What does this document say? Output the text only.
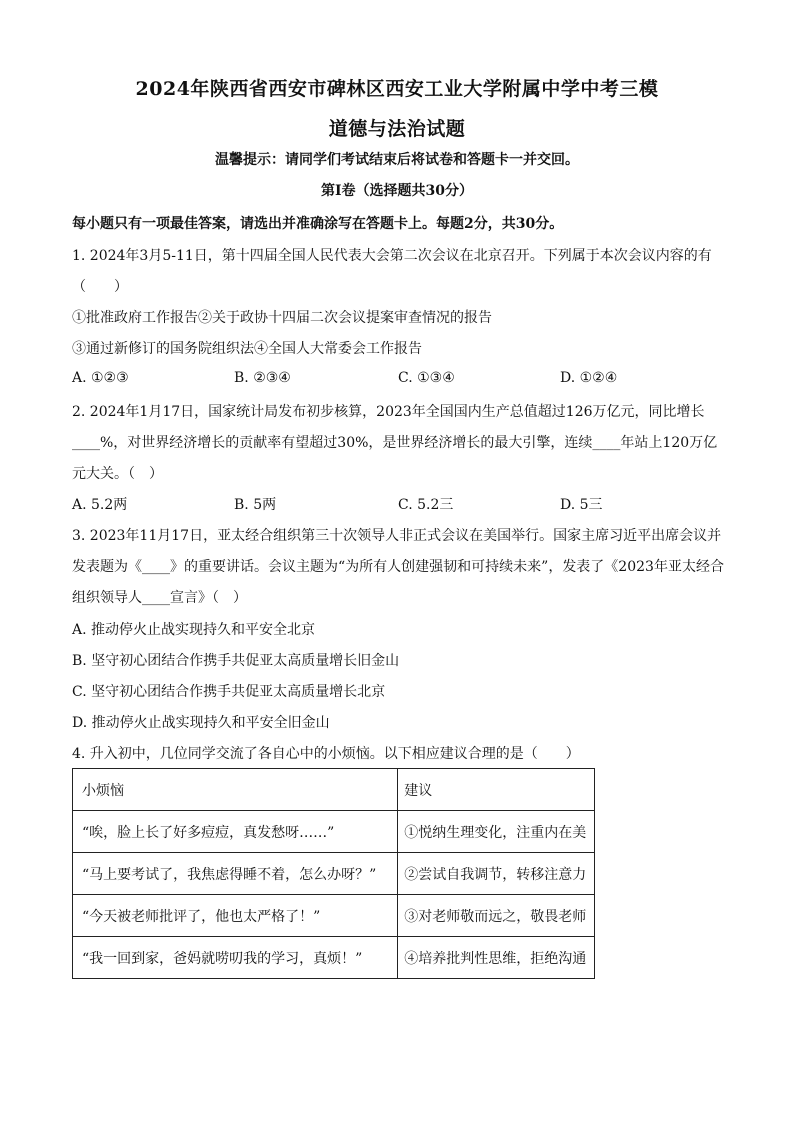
2024年陕西省西安市碑林区西安工业大学附属中学中考三模
道德与法治试题
温馨提示：请同学们考试结束后将试卷和答题卡一并交回。
第Ⅰ卷（选择题共30分）
每小题只有一项最佳答案，请选出并准确涂写在答题卡上。每题2分，共30分。
1. 2024年3月5-11日，第十四届全国人民代表大会第二次会议在北京召开。下列属于本次会议内容的有
（　　）
①批准政府工作报告②关于政协十四届二次会议提案审查情况的报告
③通过新修订的国务院组织法④全国人大常委会工作报告
A. ①②③	B. ②③④	C. ①③④	D. ①②④
2. 2024年1月17日，国家统计局发布初步核算，2023年全国国内生产总值超过126万亿元，同比增长
____%，对世界经济增长的贡献率有望超过30%，是世界经济增长的最大引擎，连续____年站上120万亿
元大关。（　）
A. 5.2两	B. 5两	C. 5.2三	D. 5三
3. 2023年11月17日，亚太经合组织第三十次领导人非正式会议在美国举行。国家主席习近平出席会议并
发表题为《____》的重要讲话。会议主题为“为所有人创建强韧和可持续未来”，发表了《2023年亚太经合
组织领导人____宣言》（　）
A. 推动停火止战实现持久和平安全北京
B. 坚守初心团结合作携手共促亚太高质量增长旧金山
C. 坚守初心团结合作携手共促亚太高质量增长北京
D. 推动停火止战实现持久和平安全旧金山
4. 升入初中，几位同学交流了各自心中的小烦恼。以下相应建议合理的是（　　）
小烦恼	建议
“唉，脸上长了好多痘痘，真发愁呀……”	①悦纳生理变化，注重内在美
“马上要考试了，我焦虑得睡不着，怎么办呀？”	②尝试自我调节，转移注意力
“今天被老师批评了，他也太严格了！”	③对老师敬而远之，敬畏老师
“我一回到家，爸妈就唠叨我的学习，真烦！”	④培养批判性思维，拒绝沟通
